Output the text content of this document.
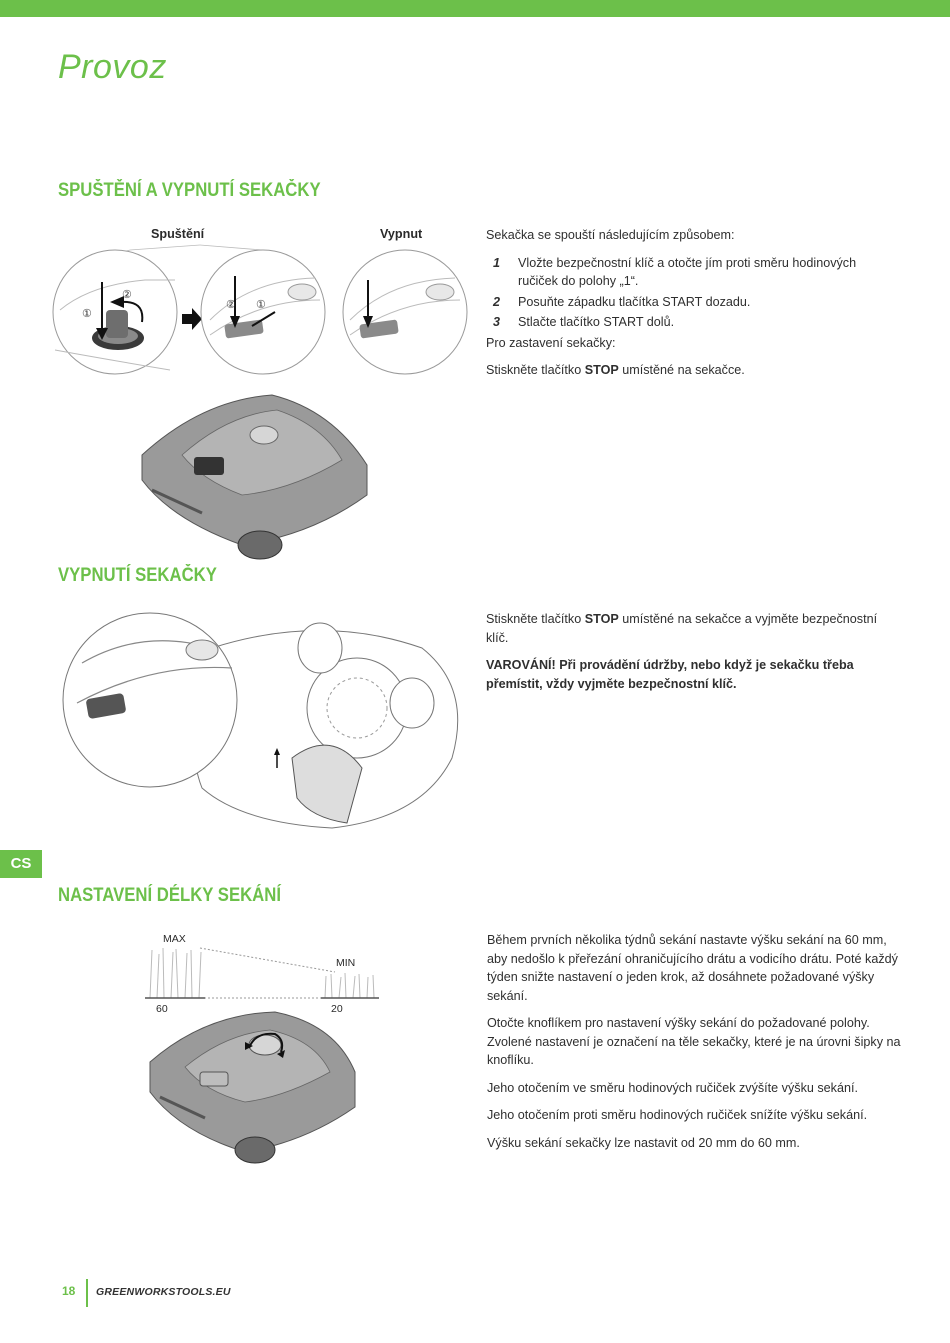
Provoz
SPUŠTĚNÍ A VYPNUTÍ SEKAČKY
Spuštění	Vypnut
①
②
② ①

Sekačka se spouští následujícím způsobem:

1 Vložte bezpečnostní klíč a otočte jím proti směru hodinových ručiček do polohy „1“.
2 Posuňte západku tlačítka START dozadu.
3 Stlačte tlačítko START dolů.

Pro zastavení sekačky:

Stiskněte tlačítko STOP umístěné na sekačce.

VYPNUTÍ SEKAČKY

Stiskněte tlačítko STOP umístěné na sekačce a vyjměte bezpečnostní klíč.

VAROVÁNÍ! Při provádění údržby, nebo když je sekačku třeba přemístit, vždy vyjměte bezpečnostní klíč.

CS
NASTAVENÍ DÉLKY SEKÁNÍ
MAX
MIN
60	20

Během prvních několika týdnů sekání nastavte výšku sekání na 60 mm, aby nedošlo k přeřezání ohraničujícího drátu a vodicího drátu. Poté každý týden snižte nastavení o jeden krok, až dosáhnete požadované výšky sekání.

Otočte knoflíkem pro nastavení výšky sekání do požadované polohy. Zvolené nastavení je označení na těle sekačky, které je na úrovni šipky na knoflíku.

Jeho otočením ve směru hodinových ručiček zvýšíte výšku sekání.

Jeho otočením proti směru hodinových ručiček snížíte výšku sekání.

Výšku sekání sekačky lze nastavit od 20 mm do 60 mm.

18 GREENWORKSTOOLS.EU
